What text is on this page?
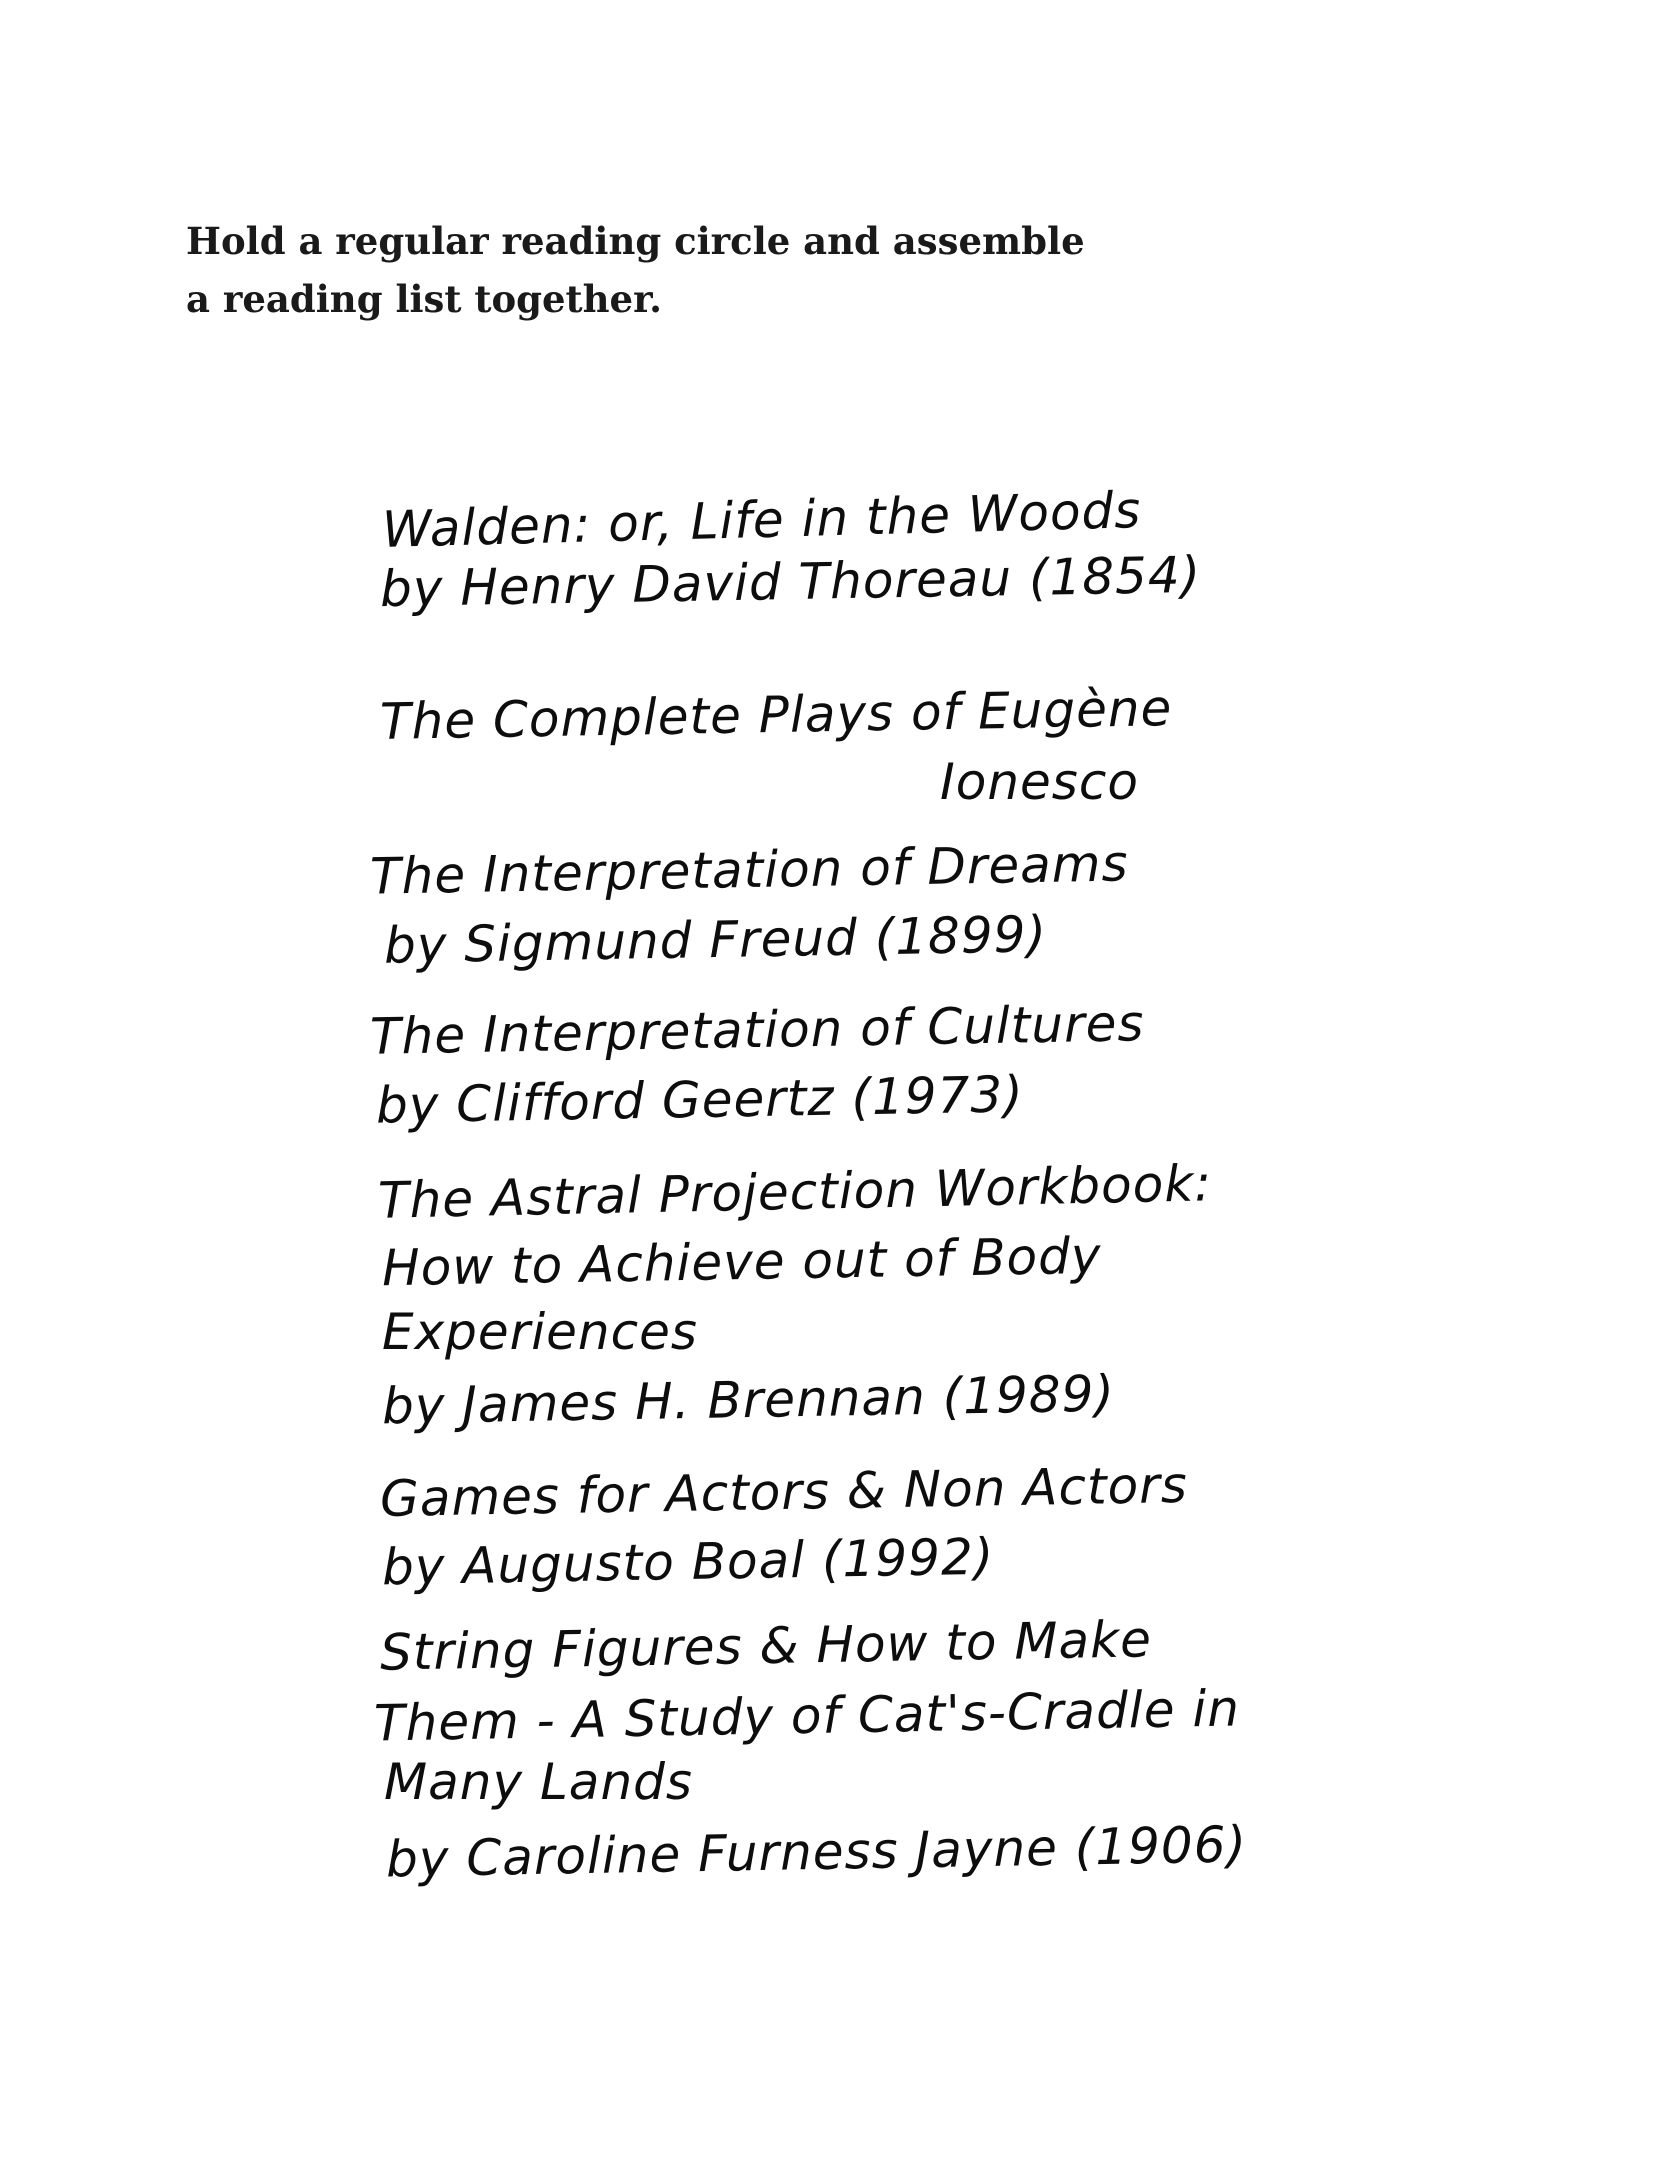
Hold a regular reading circle and assemble
a reading list together.
Walden: or, Life in the Woods
by Henry David Thoreau (1854)
The Complete Plays of Eugène
Ionesco
The Interpretation of Dreams
by Sigmund Freud (1899)
The Interpretation of Cultures
by Clifford Geertz (1973)
The Astral Projection Workbook:
How to Achieve out of Body
Experiences
by James H. Brennan (1989)
Games for Actors & Non Actors
by Augusto Boal (1992)
String Figures & How to Make
Them - A Study of Cat's-Cradle in
Many Lands
by Caroline Furness Jayne (1906)
